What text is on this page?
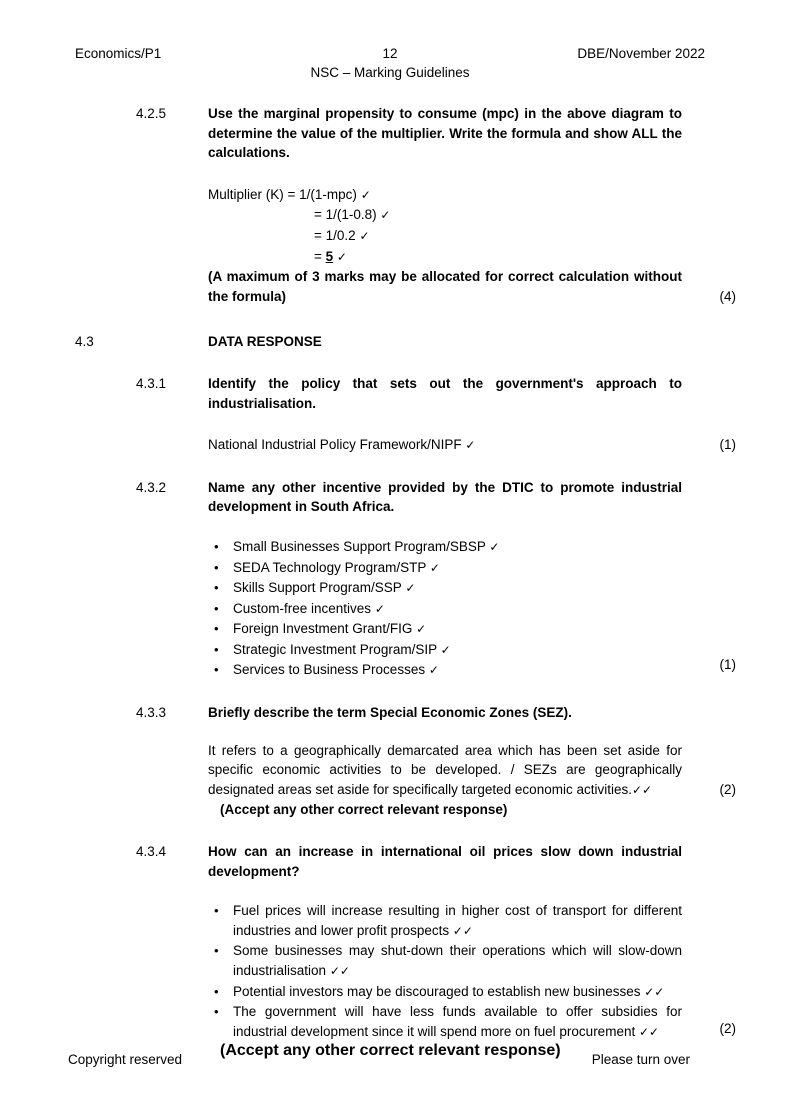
Economics/P1	12	DBE/November 2022
NSC – Marking Guidelines
4.2.5	Use the marginal propensity to consume (mpc) in the above diagram to determine the value of the multiplier. Write the formula and show ALL the calculations.
Multiplier (K) = 1/(1-mpc) ✓
= 1/(1-0.8) ✓
= 1/0.2 ✓
= 5 ✓
(4)
(A maximum of 3 marks may be allocated for correct calculation without the formula)
4.3	DATA RESPONSE
4.3.1	Identify the policy that sets out the government's approach to industrialisation.
(1)
National Industrial Policy Framework/NIPF ✓
4.3.2	Name any other incentive provided by the DTIC to promote industrial development in South Africa.
(1)
• Small Businesses Support Program/SBSP ✓
• SEDA Technology Program/STP ✓
• Skills Support Program/SSP ✓
• Custom-free incentives ✓
• Foreign Investment Grant/FIG ✓
• Strategic Investment Program/SIP ✓
• Services to Business Processes ✓
4.3.3	Briefly describe the term Special Economic Zones (SEZ).
(2)
It refers to a geographically demarcated area which has been set aside for specific economic activities to be developed. / SEZs are geographically designated areas set aside for specifically targeted economic activities.✓✓
(Accept any other correct relevant response)
4.3.4	How can an increase in international oil prices slow down industrial development?
(2)
• Fuel prices will increase resulting in higher cost of transport for different industries and lower profit prospects ✓✓
• Some businesses may shut-down their operations which will slow-down industrialisation ✓✓
• Potential investors may be discouraged to establish new businesses ✓✓
• The government will have less funds available to offer subsidies for industrial development since it will spend more on fuel procurement ✓✓
(Accept any other correct relevant response)
Copyright reserved	Please turn over
